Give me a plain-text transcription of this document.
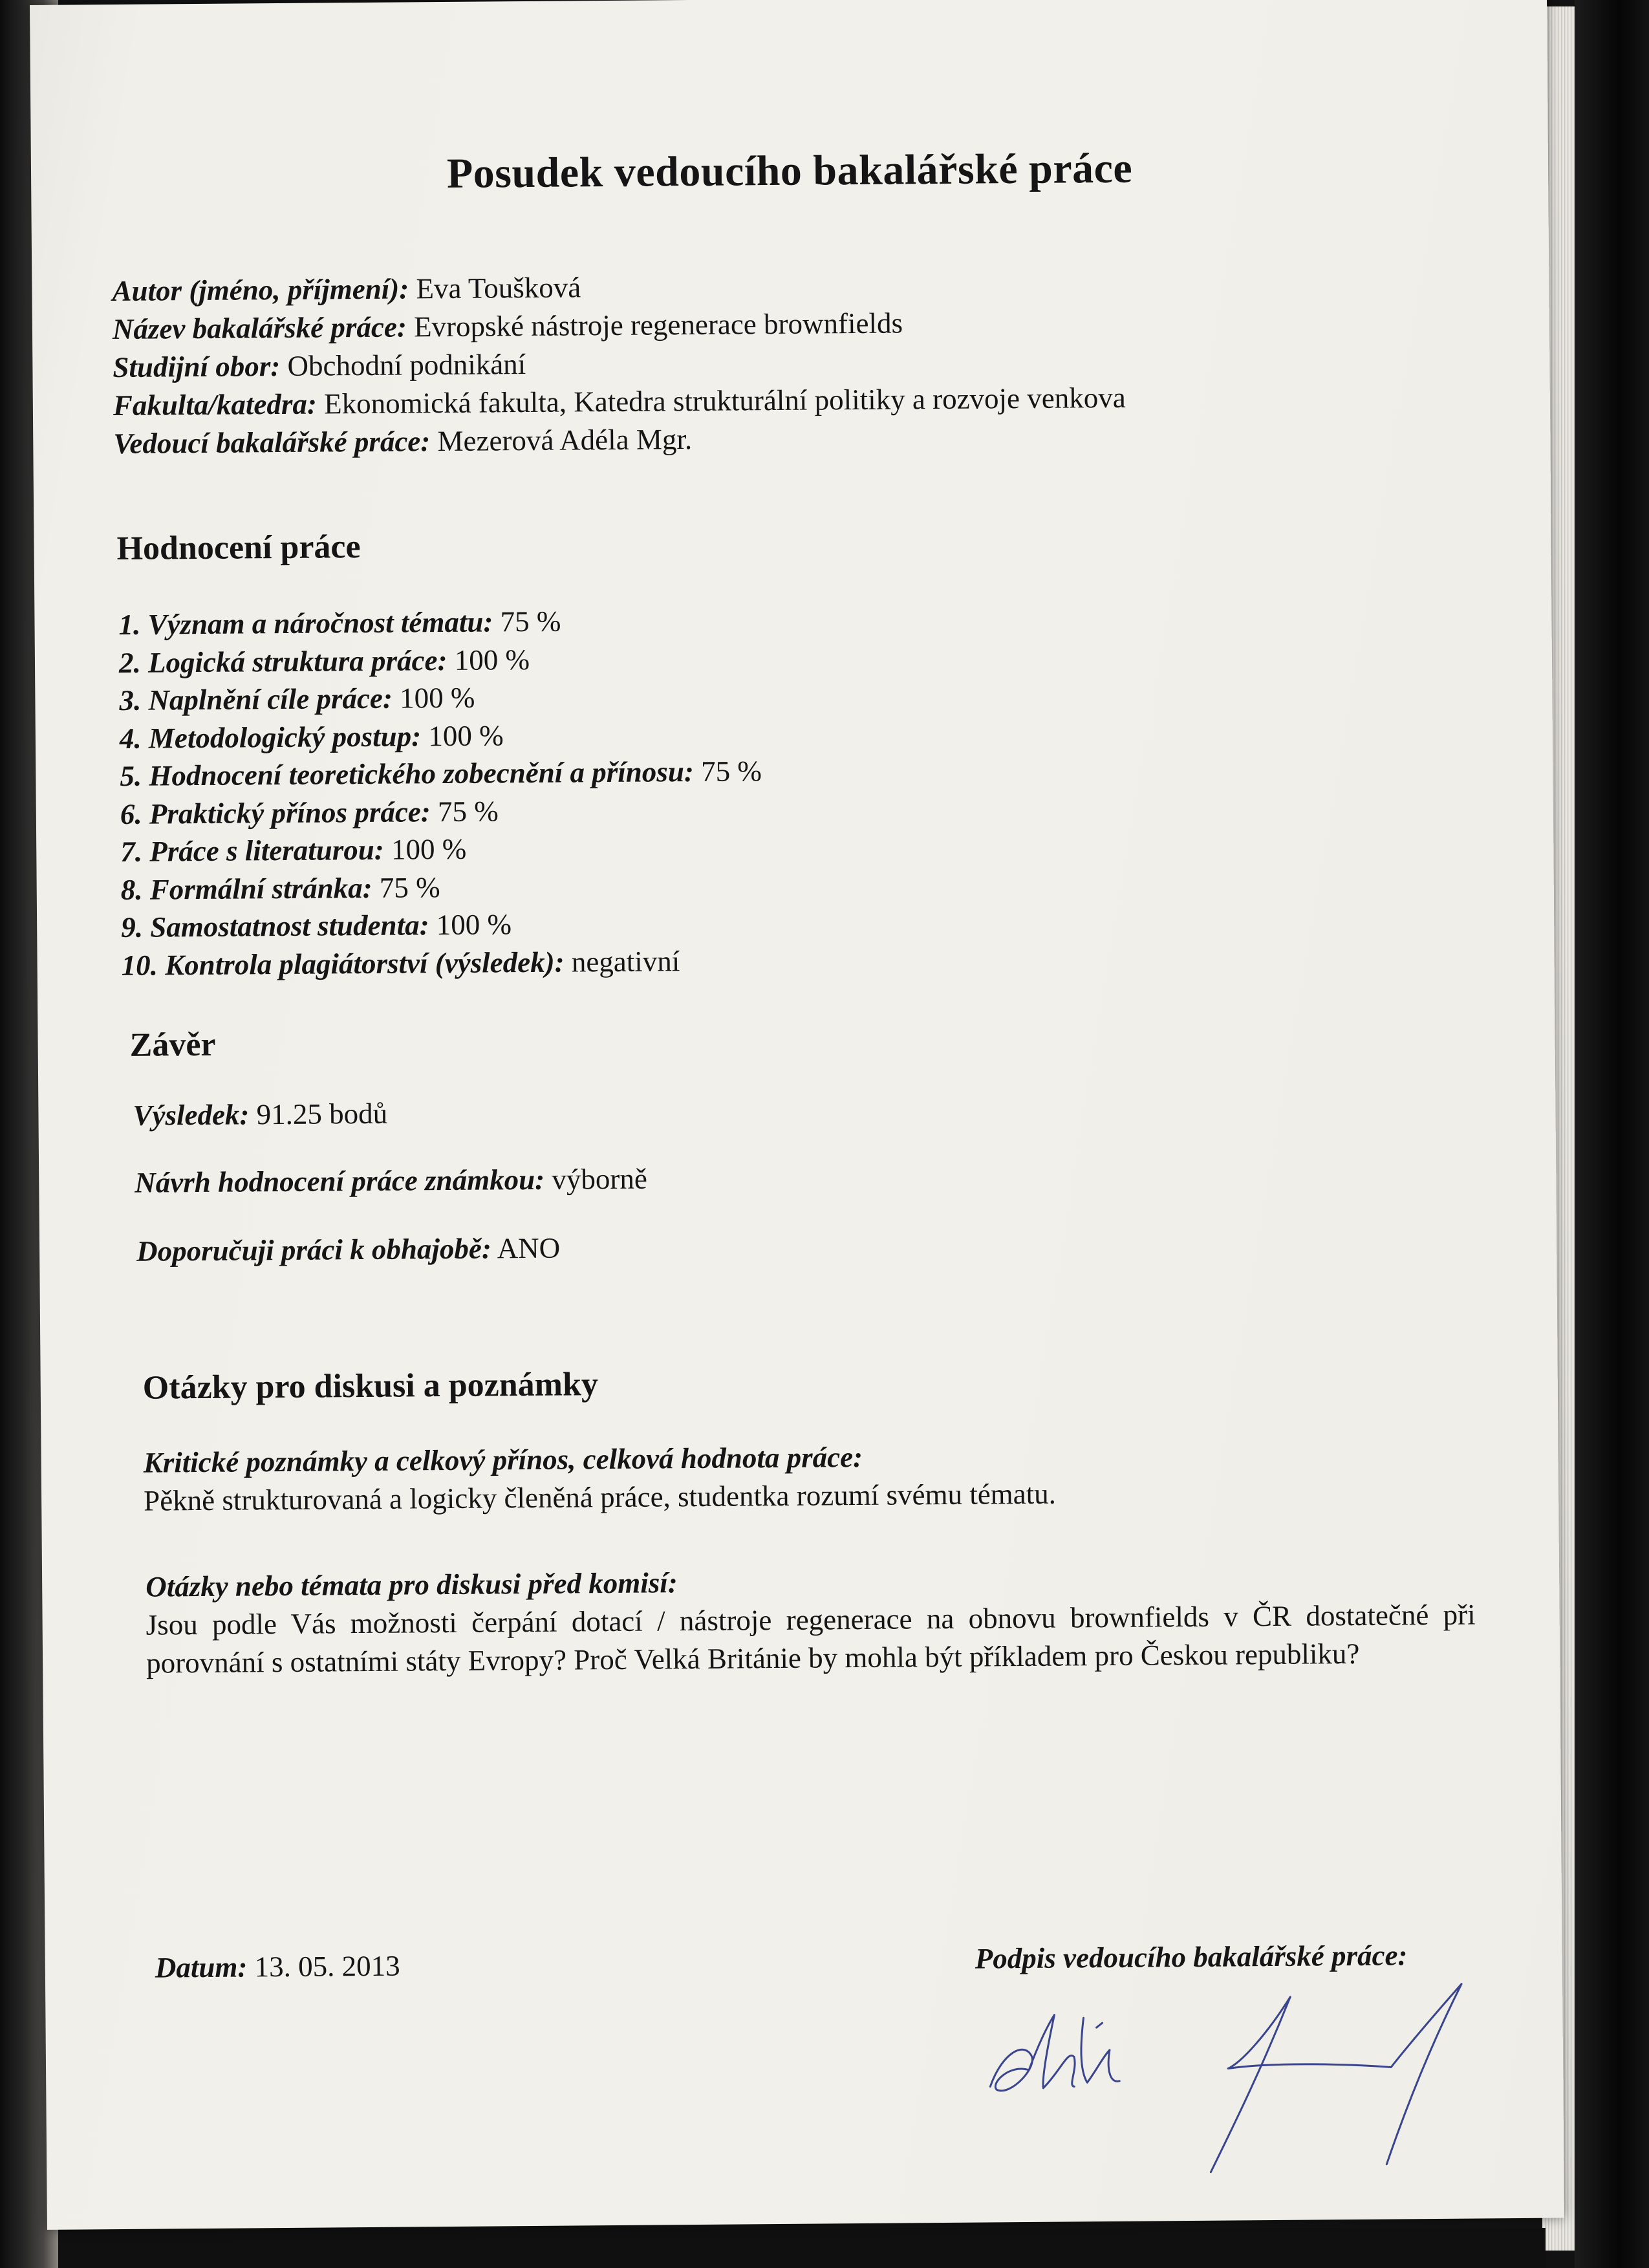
Posudek vedoucího bakalářské práce
Autor (jméno, příjmení): Eva Toušková
Název bakalářské práce: Evropské nástroje regenerace brownfields
Studijní obor: Obchodní podnikání
Fakulta/katedra: Ekonomická fakulta, Katedra strukturální politiky a rozvoje venkova
Vedoucí bakalářské práce: Mezerová Adéla Mgr.
Hodnocení práce
1. Význam a náročnost tématu: 75 %
2. Logická struktura práce: 100 %
3. Naplnění cíle práce: 100 %
4. Metodologický postup: 100 %
5. Hodnocení teoretického zobecnění a přínosu: 75 %
6. Praktický přínos práce: 75 %
7. Práce s literaturou: 100 %
8. Formální stránka: 75 %
9. Samostatnost studenta: 100 %
10. Kontrola plagiátorství (výsledek): negativní
Závěr
Výsledek: 91.25 bodů
Návrh hodnocení práce známkou: výborně
Doporučuji práci k obhajobě: ANO
Otázky pro diskusi a poznámky
Kritické poznámky a celkový přínos, celková hodnota práce:
Pěkně strukturovaná a logicky členěná práce, studentka rozumí svému tématu.
Otázky nebo témata pro diskusi před komisí:
Jsou podle Vás možnosti čerpání dotací / nástroje regenerace na obnovu brownfields v ČR dostatečné při porovnání s ostatními státy Evropy? Proč Velká Británie by mohla být příkladem pro Českou republiku?
Datum: 13. 05. 2013	Podpis vedoucího bakalářské práce:
